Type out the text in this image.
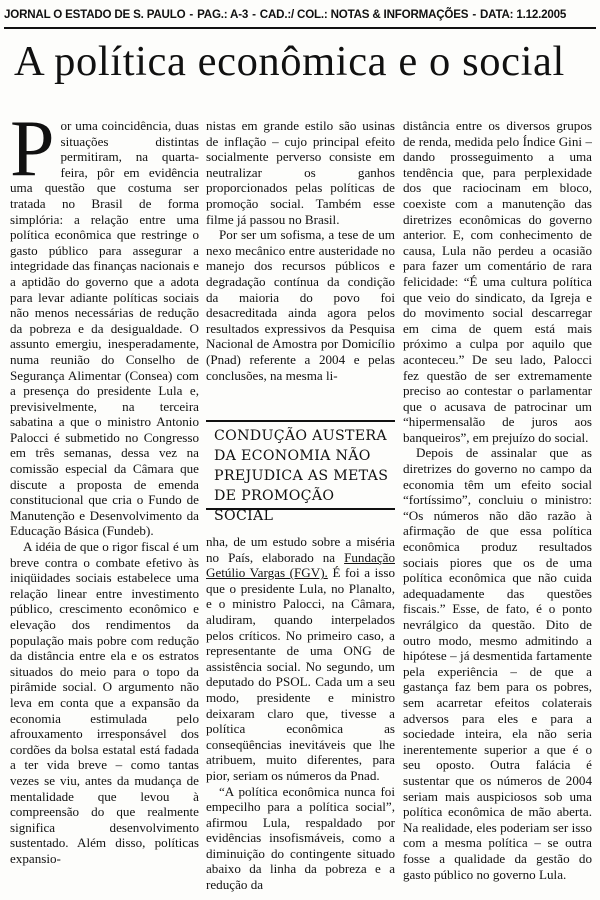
JORNAL O ESTADO DE S. PAULO - PAG.: A-3 - CAD.:/ COL.: NOTAS & INFORMAÇÕES - DATA: 1.12.2005
A política econômica e o social

Por uma coincidência, duas situações distintas permitiram, na quarta-feira, pôr em evidência uma questão que costuma ser tratada no Brasil de forma simplória: a relação entre uma política econômica que restringe o gasto público para assegurar a integridade das finanças nacionais e a aptidão do governo que a adota para levar adiante políticas sociais não menos necessárias de redução da pobreza e da desigualdade. O assunto emergiu, inesperadamente, numa reunião do Conselho de Segurança Alimentar (Consea) com a presença do presidente Lula e, previsivelmente, na terceira sabatina a que o ministro Antonio Palocci é submetido no Congresso em três semanas, dessa vez na comissão especial da Câmara que discute a proposta de emenda constitucional que cria o Fundo de Manutenção e Desenvolvimento da Educação Básica (Fundeb).

A idéia de que o rigor fiscal é um breve contra o combate efetivo às iniqüidades sociais estabelece uma relação linear entre investimento público, crescimento econômico e elevação dos rendimentos da população mais pobre com redução da distância entre ela e os estratos situados do meio para o topo da pirâmide social. O argumento não leva em conta que a expansão da economia estimulada pelo afrouxamento irresponsável dos cordões da bolsa estatal está fadada a ter vida breve – como tantas vezes se viu, antes da mudança de mentalidade que levou à compreensão do que realmente significa desenvolvimento sustentado. Além disso, políticas expansio-

nistas em grande estilo são usinas de inflação – cujo principal efeito socialmente perverso consiste em neutralizar os ganhos proporcionados pelas políticas de promoção social. Também esse filme já passou no Brasil.

Por ser um sofisma, a tese de um nexo mecânico entre austeridade no manejo dos recursos públicos e degradação contínua da condição da maioria do povo foi desacreditada ainda agora pelos resultados expressivos da Pesquisa Nacional de Amostra por Domicílio (Pnad) referente a 2004 e pelas conclusões, na mesma li-

CONDUÇÃO AUSTERA DA ECONOMIA NÃO PREJUDICA AS METAS DE PROMOÇÃO SOCIAL

nha, de um estudo sobre a miséria no País, elaborado na Fundação Getúlio Vargas (FGV). É foi a isso que o presidente Lula, no Planalto, e o ministro Palocci, na Câmara, aludiram, quando interpelados pelos críticos. No primeiro caso, a representante de uma ONG de assistência social. No segundo, um deputado do PSOL. Cada um a seu modo, presidente e ministro deixaram claro que, tivesse a política econômica as conseqüências inevitáveis que lhe atribuem, muito diferentes, para pior, seriam os números da Pnad.

“A política econômica nunca foi empecilho para a política social”, afirmou Lula, respaldado por evidências insofismáveis, como a diminuição do contingente situado abaixo da linha da pobreza e a redução da

distância entre os diversos grupos de renda, medida pelo Índice Gini – dando prosseguimento a uma tendência que, para perplexidade dos que raciocinam em bloco, coexiste com a manutenção das diretrizes econômicas do governo anterior. E, com conhecimento de causa, Lula não perdeu a ocasião para fazer um comentário de rara felicidade: “É uma cultura política que veio do sindicato, da Igreja e do movimento social descarregar em cima de quem está mais próximo a culpa por aquilo que aconteceu.” De seu lado, Palocci fez questão de ser extremamente preciso ao contestar o parlamentar que o acusava de patrocinar um “hipermensalão de juros aos banqueiros”, em prejuízo do social.

Depois de assinalar que as diretrizes do governo no campo da economia têm um efeito social “fortíssimo”, concluiu o ministro: “Os números não dão razão à afirmação de que essa política econômica produz resultados sociais piores que os de uma política econômica que não cuida adequadamente das questões fiscais.” Esse, de fato, é o ponto nevrálgico da questão. Dito de outro modo, mesmo admitindo a hipótese – já desmentida fartamente pela experiência – de que a gastança faz bem para os pobres, sem acarretar efeitos colaterais adversos para eles e para a sociedade inteira, ela não seria inerentemente superior a que é o seu oposto. Outra falácia é sustentar que os números de 2004 seriam mais auspiciosos sob uma política econômica de mão aberta. Na realidade, eles poderiam ser isso com a mesma política – se outra fosse a qualidade da gestão do gasto público no governo Lula.
